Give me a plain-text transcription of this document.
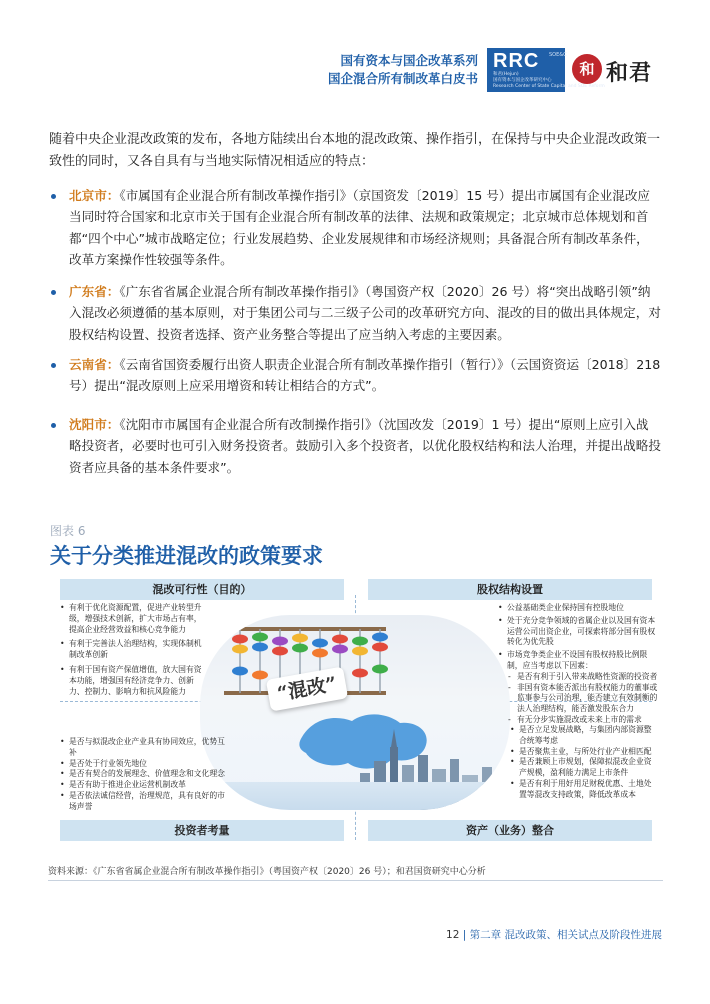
国有资本与国企改革系列
国企混合所有制改革白皮书
RRC SOE&C
和君(Hejun)
国有资本与国企改革研究中心
Research Center of State Capital and SOE Reform
和 和君

随着中央企业混改政策的发布，各地方陆续出台本地的混改政策、操作指引，在保持与中央企业混改政策一致性的同时，又各自具有与当地实际情况相适应的特点：

北京市：《市属国有企业混合所有制改革操作指引》（京国资发〔2019〕15 号）提出市属国有企业混改应当同时符合国家和北京市关于国有企业混合所有制改革的法律、法规和政策规定；北京城市总体规划和首都“四个中心”城市战略定位；行业发展趋势、企业发展规律和市场经济规则；具备混合所有制改革条件，改革方案操作性较强等条件。
广东省：《广东省省属企业混合所有制改革操作指引》（粤国资产权〔2020〕26 号）将“突出战略引领”纳入混改必须遵循的基本原则，对于集团公司与二三级子公司的改革研究方向、混改的目的做出具体规定，对股权结构设置、投资者选择、资产业务整合等提出了应当纳入考虑的主要因素。
云南省：《云南省国资委履行出资人职责企业混合所有制改革操作指引（暂行）》（云国资资运〔2018〕218 号）提出“混改原则上应采用增资和转让相结合的方式”。
沈阳市：《沈阳市市属国有企业混合所有改制操作指引》（沈国改发〔2019〕1 号）提出“原则上应引入战略投资者，必要时也可引入财务投资者。鼓励引入多个投资者，以优化股权结构和法人治理，并提出战略投资者应具备的基本条件要求”。
图表 6
关于分类推进混改的政策要求
“混改”
混改可行性（目的）
• 有利于优化资源配置，促进产业转型升级，增强技术创新，扩大市场占有率，提高企业经营效益和核心竞争能力
• 有利于完善法人治理结构，实现体制机制改革创新
• 有利于国有资产保值增值，放大国有资本功能，增强国有经济竞争力、创新力、控制力、影响力和抗风险能力
股权结构设置
• 公益基础类企业保持国有控股地位
• 处于充分竞争领域的省属企业以及国有资本运营公司出资企业，可探索将部分国有股权转化为优先股
• 市场竞争类企业不设国有股权持股比例限制，应当考虑以下因素：
- 是否有利于引入带来战略性资源的投资者
- 非国有资本能否派出有股权能力的董事或监事参与公司治理，能否建立有效制衡的法人治理结构，能否激发股东合力
- 有无分步实施混改或未来上市的需求
• 是否与拟混改企业产业具有协同效应，优势互补
• 是否处于行业领先地位
• 是否有契合的发展理念、价值理念和文化理念
• 是否有助于推进企业运营机制改革
• 是否依法诚信经营，治理规范，具有良好的市场声誉
投资者考量
• 是否立足发展战略，与集团内部资源整合统筹考虑
• 是否聚焦主业，与所处行业产业相匹配
• 是否兼顾上市规划，保障拟混改企业资产规模，盈利能力满足上市条件
• 是否有利于用好用足财税优惠、土地处置等混改支持政策，降低改革成本
资产（业务）整合
资料来源：《广东省省属企业混合所有制改革操作指引》（粤国资产权〔2020〕26 号）；和君国资研究中心分析
12 | 第二章 混改政策、相关试点及阶段性进展
